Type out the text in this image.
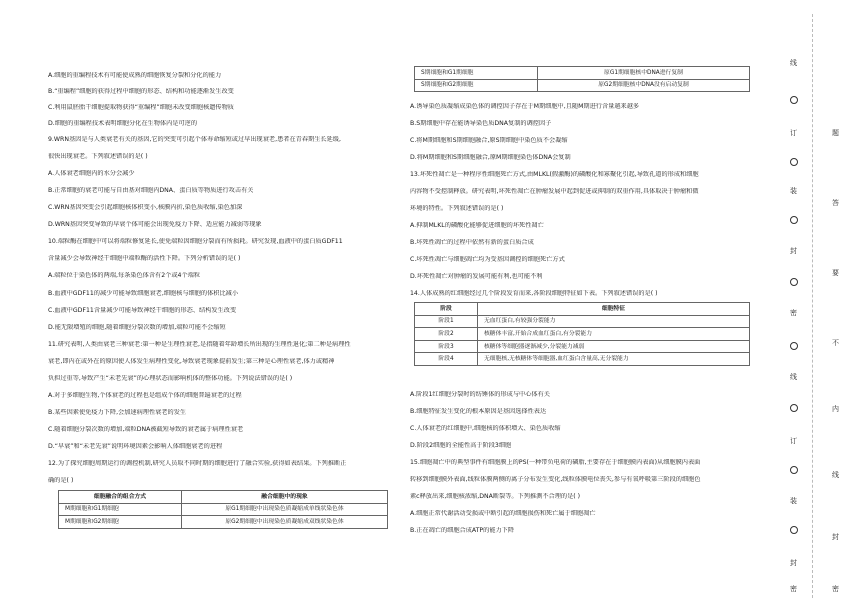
A.细胞的重编程技术有可能使成熟的细胞恢复分裂和分化的能力
B.“重编程”细胞的获得过程中细胞的形态、结构和功能逐渐发生改变
C.利用鼠胚胎干细胞提取物获得“重编程”细胞未改变细胞核遗传物质
D.细胞的重编程技术表明细胞分化在生物体内是可逆的
9.WRN基因是与人类衰老有关的基因,它的突变可引起个体寿命缩短或过早出现衰老,患者在青春期生长延缓,
很快出现衰老。下列叙述错误的是( )
A.人体衰老细胞内的水分会减少
B.正常细胞的衰老可能与自由基对细胞内DNA、蛋白质等物质进行攻击有关
C.WRN基因突变会引起细胞核体积变小,核膜内折,染色质收缩,染色加深
D.WRN基因突变导致的早衰个体可能会出现免疫力下降、适应能力减弱等现象
10.端粒酶在细胞中可以将端粒修复延长,使免端粒因细胞分裂而有所损耗。研究发现,血液中的蛋白质GDF11
含量减少会导致神经干细胞中端粒酶的活性下降。下列分析错误的是( )
A.端粒位于染色体的两端,每条染色体含有2个或4个端粒
B.血液中GDF11的减少可能导致细胞衰老,细胞核与细胞的体积比减小
C.血液中GDF11含量减少可能导致神经干细胞的形态、结构发生改变
D.能无限增殖的细胞,随着细胞分裂次数的增加,端粒可能不会缩短
11.研究表明,人类由衰老三种衰老:第一种是生理性衰老,是指随着年龄增长所出现的生理性退化;第二种是病理性
衰老,即内在或外在的原因使人体发生病理性变化,导致衰老现象提前发生;第三种是心理性衰老,体力或精神
负担过重等,导致产生“未老先衰”的心理状态而影响机体的整体功能。下列说法错误的是( )
A.对于多细胞生物,个体衰老的过程也是组成个体的细胞普遍衰老的过程
B.某些因素使免疫力下降,会加速病理性衰老的发生
C.随着细胞分裂次数的增加,端粒DNA被截短导致的衰老属于病理性衰老
D.“早衰”和“未老先衰”说明环境因素会影响人体细胞衰老的进程
12.为了探究细胞周期运行的调控机制,研究人员取不同时期的细胞进行了融合实验,获得如表结果。下列推断正
确的是( )
细胞融合的组合方式	融合细胞中的现象
M期细胞和G1期细胞	原G1期细胞中出现染色质凝缩成单线状染色体
M期细胞和G2期细胞	原G2期细胞中出现染色质凝缩成双线状染色体
S期细胞和G1期细胞	原G1期细胞核中DNA进行复制
S期细胞和G2期细胞	原G2期细胞核中DNA没有启动复制
A.诱导染色质凝缩成染色体的调控因子存在于M期细胞中,且随M期进行含量越来越多
B.S期细胞中存在能诱导染色质DNA复制的调控因子
C.将M期细胞和S期细胞融合,原S期细胞中染色质不会凝缩
D.将M期细胞和S期细胞融合,原M期细胞染色体DNA会复制
13.坏死性凋亡是一种程序性细胞死亡方式,由MLKL(假激酶)的磷酸化和寡聚化引起,导致孔道的形成和细胞
内容物不受控制释放。研究表明,坏死性凋亡在肿瘤发展中起到促进或抑制的双重作用,具体取决于肿瘤和微
环境的特性。下列叙述错误的是( )
A.抑制MLKL的磷酸化能够促进细胞的坏死性凋亡
B.坏死性凋亡的过程中依然有新的蛋白质合成
C.坏死性凋亡与细胞凋亡均为受基因调控的细胞死亡方式
D.坏死性凋亡对肿瘤的发展可能有利,也可能不利
14.人体成熟的红细胞经过几个阶段发育而来,各阶段细胞特征如下表。下列叙述错误的是( )
阶段	细胞特征
阶段1	无血红蛋白,有较强分裂能力
阶段2	核糖体丰富,开始合成血红蛋白,有分裂能力
阶段3	核糖体等细胞器逐渐减少,分裂能力减弱
阶段4	无细胞核,无核糖体等细胞器,血红蛋白含量高,无分裂能力
A.阶段1红细胞分裂时的纺锤体的形成与中心体有关
B.细胞特征发生变化的根本原因是基因选择性表达
C.人体衰老的红细胞中,细胞核的体积增大、染色质收缩
D.阶段2细胞的全能性高于阶段3细胞
15.细胞凋亡中的典型事件有细胞膜上的PS(一种带负电荷的磷脂,主要存在于细胞膜内表面)从细胞膜内表面
转移到细胞膜外表面,线粒体膜两侧的离子分布发生变化,线粒体膜电位丧失,参与有氧呼吸第三阶段的细胞色
素c释放出来,细胞核浓缩,DNA断裂等。下列推测不合理的是( )
A.细胞正常代谢活动受损或中断引起的细胞损伤和死亡属于细胞凋亡
B.正在凋亡的细胞合成ATP的能力下降
线
订
装
封
密
线
订
装
封
密
题
答
要
不
内
线
封
密
